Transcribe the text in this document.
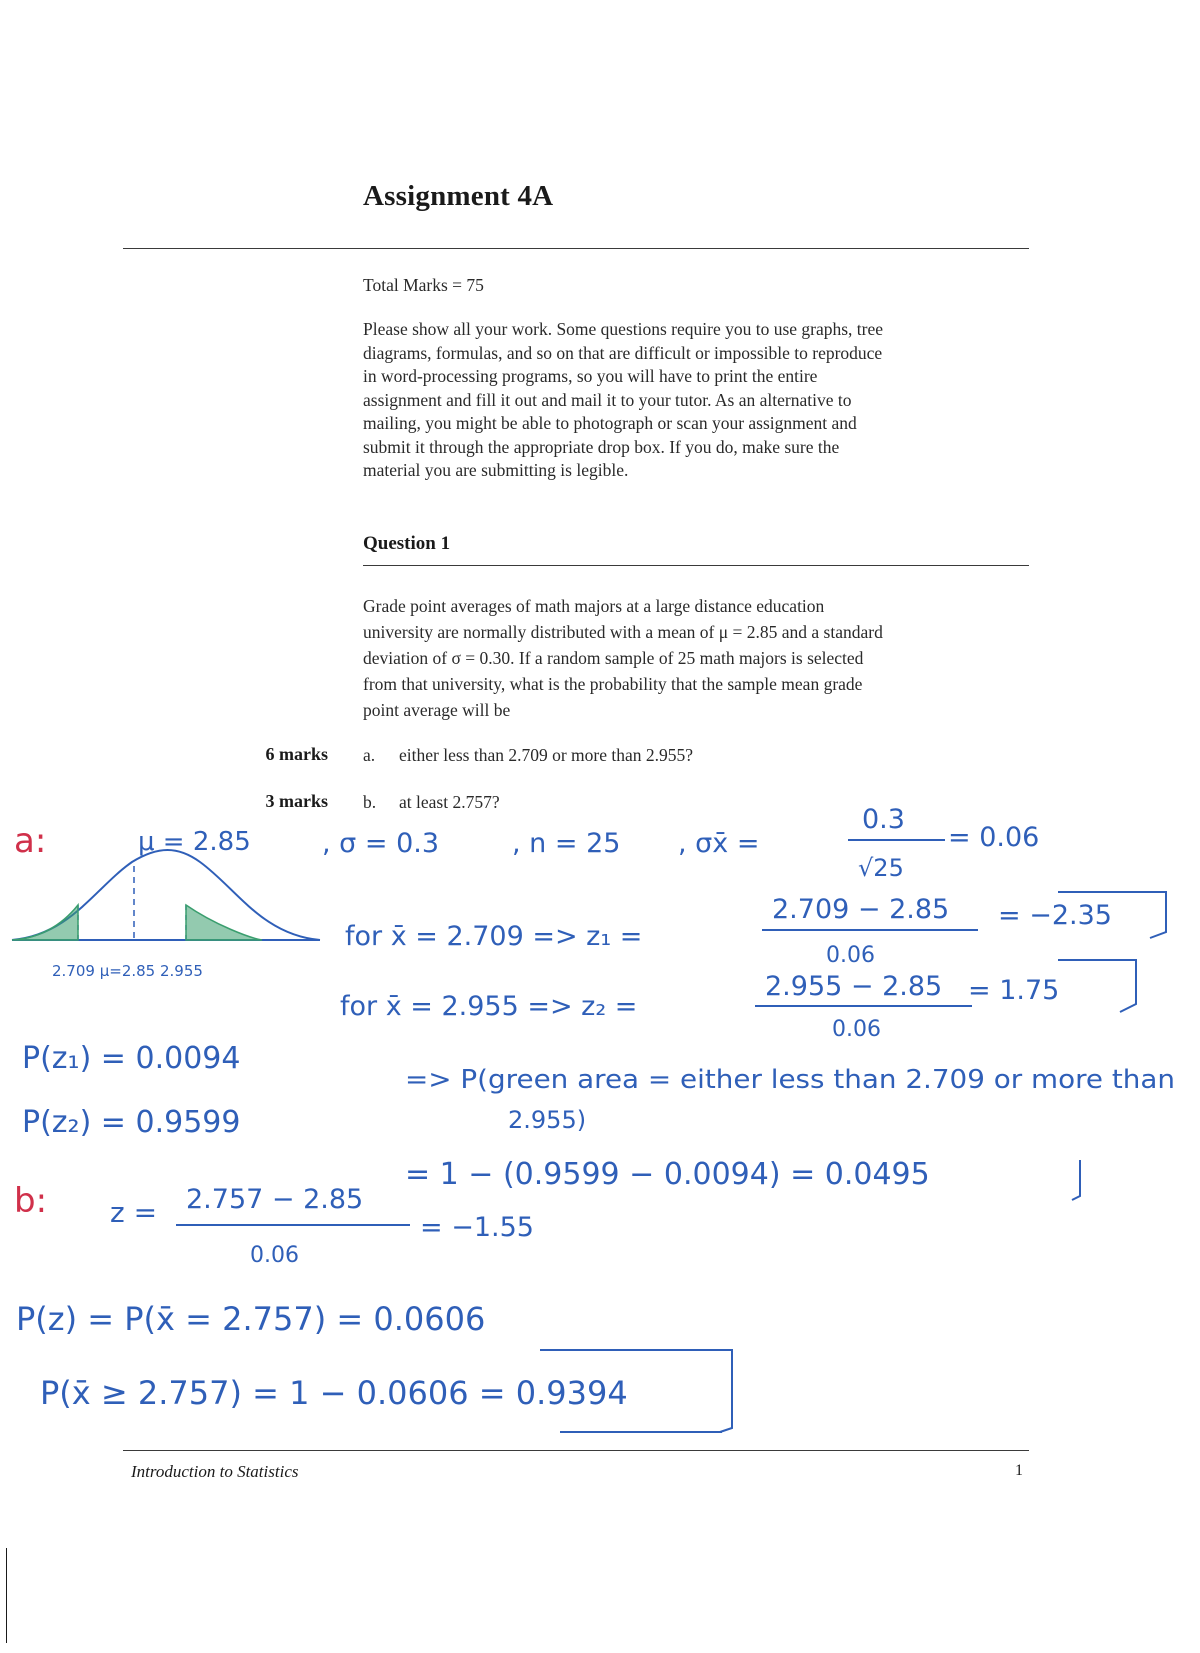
Assignment 4A
Total Marks = 75
Please show all your work. Some questions require you to use graphs, tree
diagrams, formulas, and so on that are difficult or impossible to reproduce
in word-processing programs, so you will have to print the entire
assignment and fill it out and mail it to your tutor. As an alternative to
mailing, you might be able to photograph or scan your assignment and
submit it through the appropriate drop box. If you do, make sure the
material you are submitting is legible.
Question 1
Grade point averages of math majors at a large distance education
university are normally distributed with a mean of μ = 2.85 and a standard
deviation of σ = 0.30. If a random sample of 25 math majors is selected
from that university, what is the probability that the sample mean grade
point average will be
6 marks a. either less than 2.709 or more than 2.955?
3 marks b. at least 2.757?
a:	μ = 2.85	, σ = 0.3	, n = 25 , σx̄ =
0.3
√25
= 0.06
2.709 μ=2.85 2.955
for x̄ = 2.709 => z₁ =
2.709 − 2.85
0.06
= −2.35
for x̄ = 2.955 => z₂ =
2.955 − 2.85
0.06
= 1.75
P(z₁) = 0.0094
P(z₂) = 0.9599
=> P(green area = either less than 2.709 or more than
2.955)
= 1 − (0.9599 − 0.0094) = 0.0495
b: z = 2.757 − 2.85
0.06
= −1.55
P(z) = P(x̄ = 2.757) = 0.0606
P(x̄ ≥ 2.757) = 1 − 0.0606 = 0.9394
Introduction to Statistics	1
